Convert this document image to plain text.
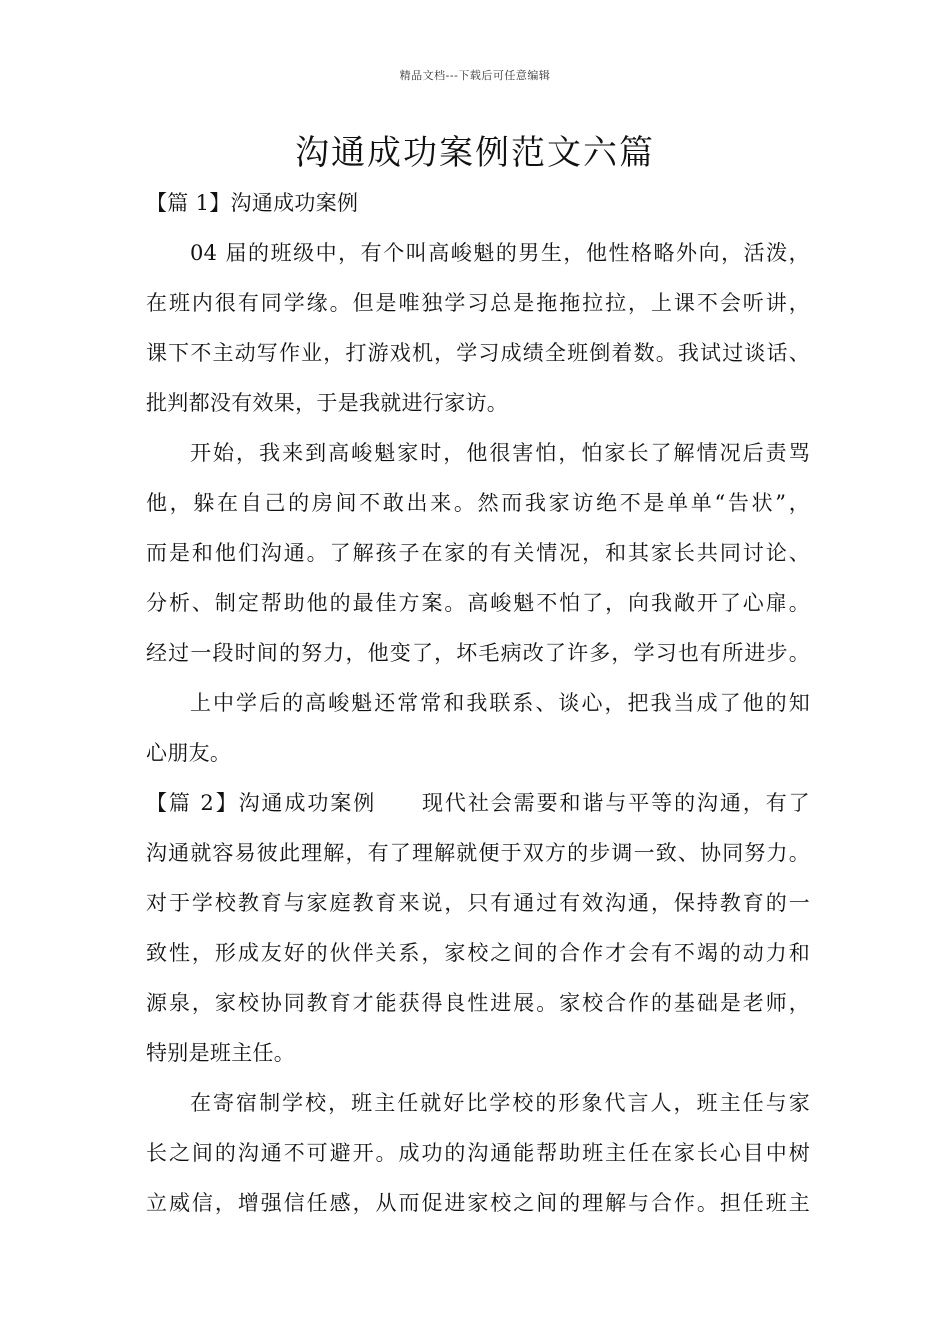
精品文档---下载后可任意编辑
沟通成功案例范文六篇
【篇 1】沟通成功案例
04 届的班级中，有个叫高峻魁的男生，他性格略外向，活泼，
在班内很有同学缘。但是唯独学习总是拖拖拉拉，上课不会听讲，
课下不主动写作业，打游戏机，学习成绩全班倒着数。我试过谈话、
批判都没有效果，于是我就进行家访。
开始，我来到高峻魁家时，他很害怕，怕家长了解情况后责骂
他，躲在自己的房间不敢出来。然而我家访绝不是单单“告状”，
而是和他们沟通。了解孩子在家的有关情况，和其家长共同讨论、
分析、制定帮助他的最佳方案。高峻魁不怕了，向我敞开了心扉。
经过一段时间的努力，他变了，坏毛病改了许多，学习也有所进步。
上中学后的高峻魁还常常和我联系、谈心，把我当成了他的知
心朋友。
【篇 2】沟通成功案例　　现代社会需要和谐与平等的沟通，有了
沟通就容易彼此理解，有了理解就便于双方的步调一致、协同努力。
对于学校教育与家庭教育来说，只有通过有效沟通，保持教育的一
致性，形成友好的伙伴关系，家校之间的合作才会有不竭的动力和
源泉，家校协同教育才能获得良性进展。家校合作的基础是老师，
特别是班主任。
在寄宿制学校，班主任就好比学校的形象代言人，班主任与家
长之间的沟通不可避开。成功的沟通能帮助班主任在家长心目中树
立威信，增强信任感，从而促进家校之间的理解与合作。担任班主
